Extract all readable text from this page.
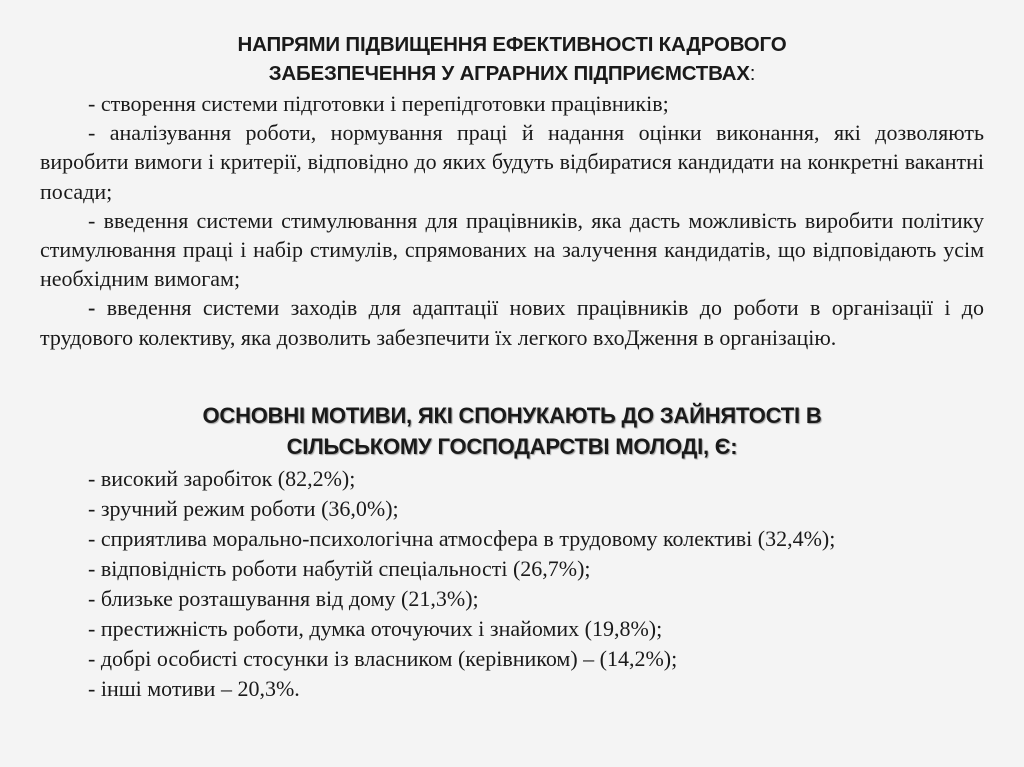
НАПРЯМИ ПІДВИЩЕННЯ ЕФЕКТИВНОСТІ КАДРОВОГО
ЗАБЕЗПЕЧЕННЯ У АГРАРНИХ ПІДПРИЄМСТВАХ:

- створення системи підготовки і перепідготовки працівників;

- аналізування роботи, нормування праці й надання оцінки виконання, які дозволяють виробити вимоги і критерії, відповідно до яких будуть відбиратися кандидати на конкретні вакантні посади;

- введення системи стимулювання для працівників, яка дасть можливість виробити політику стимулювання праці і набір стимулів, спрямованих на залучення кандидатів, що відповідають усім необхідним вимогам;

- введення системи заходів для адаптації нових працівників до роботи в організації і до трудового колективу, яка дозволить забезпечити їх легкого вхоДження в організацію.

ОСНОВНІ МОТИВИ, ЯКІ СПОНУКАЮТЬ ДО ЗАЙНЯТОСТІ В
СІЛЬСЬКОМУ ГОСПОДАРСТВІ МОЛОДІ, Є:

- високий заробіток (82,2%);

- зручний режим роботи (36,0%);

- сприятлива морально-психологічна атмосфера в трудовому колективі (32,4%);

- відповідність роботи набутій спеціальності (26,7%);

- близьке розташування від дому (21,3%);

- престижність роботи, думка оточуючих і знайомих (19,8%);

- добрі особисті стосунки із власником (керівником) – (14,2%);

- інші мотиви – 20,3%.
